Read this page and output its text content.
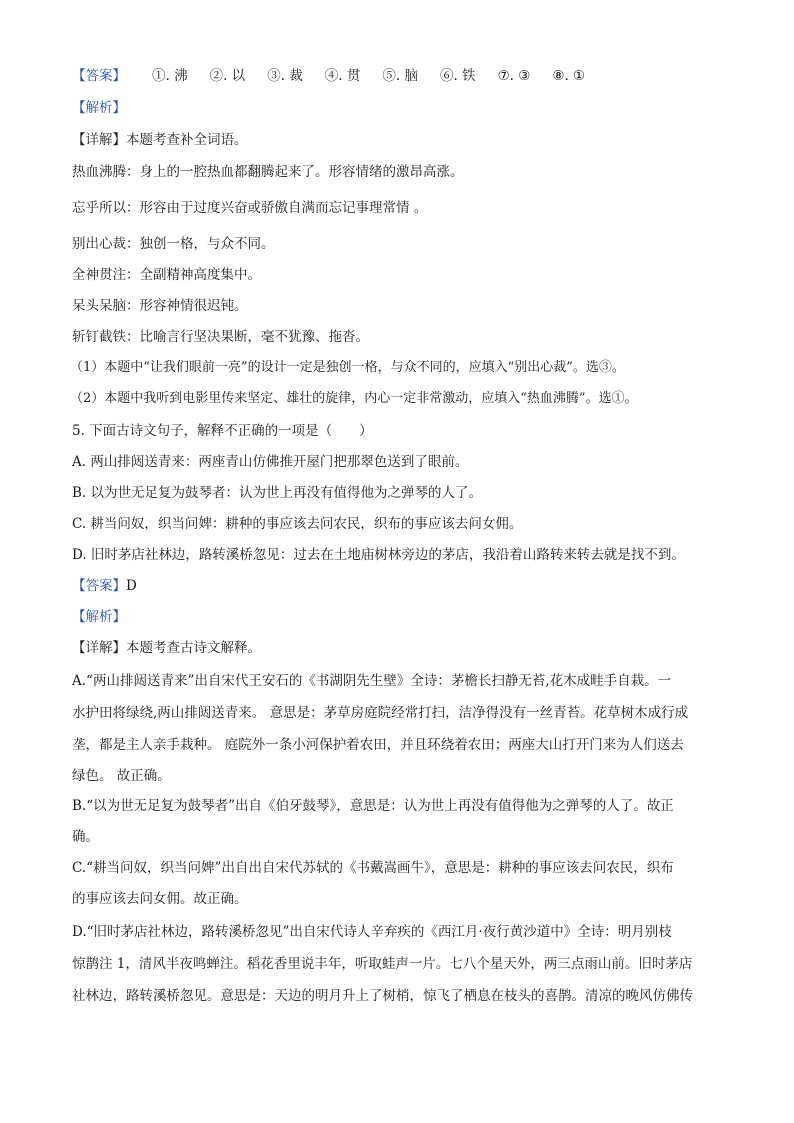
【答案】 ①. 沸 ②. 以 ③. 裁 ④. 贯 ⑤. 脑 ⑥. 铁 ⑦. ③ ⑧. ①
【解析】
【详解】本题考查补全词语。
热血沸腾：身上的一腔热血都翻腾起来了。形容情绪的激昂高涨。
忘乎所以：形容由于过度兴奋或骄傲自满而忘记事理常情 。
别出心裁：独创一格，与众不同。
全神贯注：全副精神高度集中。
呆头呆脑：形容神情很迟钝。
斩钉截铁：比喻言行坚决果断，毫不犹豫、拖沓。
（1）本题中“让我们眼前一亮”的设计一定是独创一格，与众不同的，应填入“别出心裁”。选③。
（2）本题中我听到电影里传来坚定、雄壮的旋律，内心一定非常激动，应填入“热血沸腾”。选①。
5. 下面古诗文句子，解释不正确的一项是（　　）
A. 两山排闼送青来：两座青山仿佛推开屋门把那翠色送到了眼前。
B. 以为世无足复为鼓琴者：认为世上再没有值得他为之弹琴的人了。
C. 耕当问奴，织当问婢：耕种的事应该去问农民，织布的事应该去问女佣。
D. 旧时茅店社林边，路转溪桥忽见：过去在土地庙树林旁边的茅店，我沿着山路转来转去就是找不到。
【答案】D
【解析】
【详解】本题考查古诗文解释。
A.“两山排闼送青来”出自宋代王安石的《书湖阴先生壁》全诗：茅檐长扫静无苔,花木成畦手自栽。一
水护田将绿绕,两山排闼送青来。 意思是：茅草房庭院经常打扫，洁净得没有一丝青苔。花草树木成行成
垄，都是主人亲手栽种。 庭院外一条小河保护着农田，并且环绕着农田；两座大山打开门来为人们送去
绿色。 故正确。
B.“以为世无足复为鼓琴者”出自《伯牙鼓琴》，意思是：认为世上再没有值得他为之弹琴的人了。故正
确。
C.“耕当问奴，织当问婢”出自出自宋代苏轼的《书戴嵩画牛》，意思是：耕种的事应该去问农民，织布
的事应该去问女佣。故正确。
D.“旧时茅店社林边，路转溪桥忽见”出自宋代诗人辛弃疾的《西江月·夜行黄沙道中》全诗：明月别枝
惊鹊注 1，清风半夜鸣蝉注。稻花香里说丰年，听取蛙声一片。七八个星天外，两三点雨山前。旧时茅店
社林边，路转溪桥忽见。意思是：天边的明月升上了树梢，惊飞了栖息在枝头的喜鹊。清凉的晚风仿佛传
